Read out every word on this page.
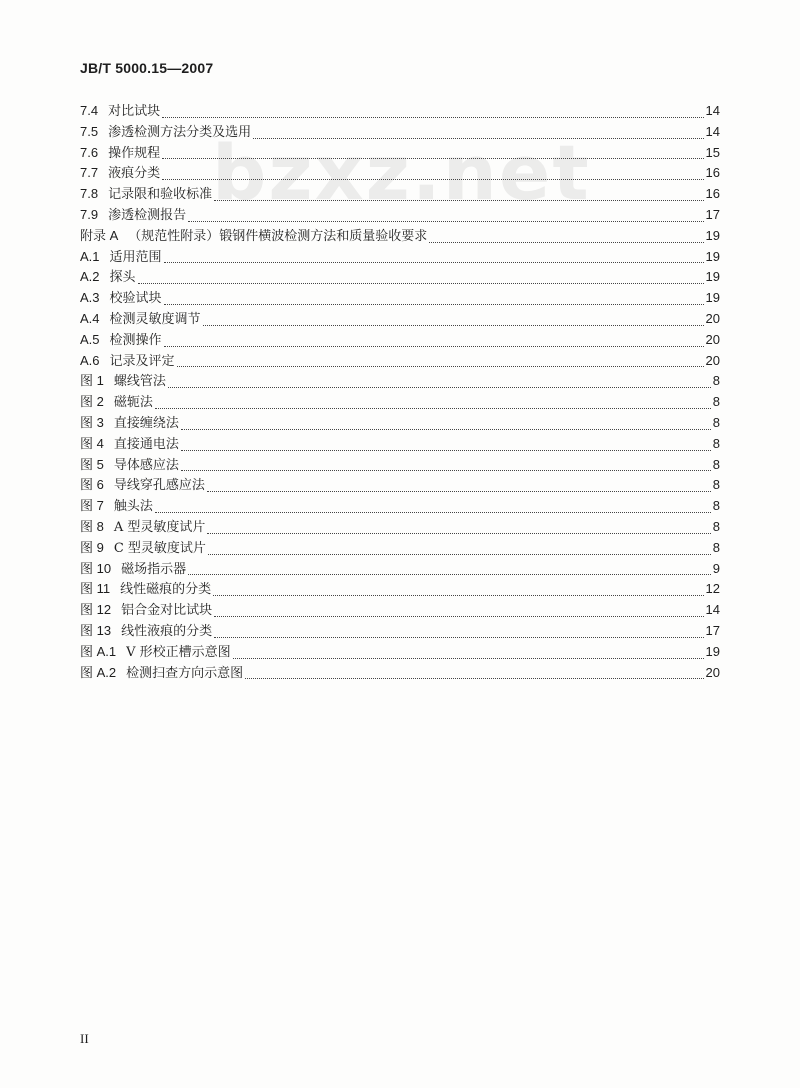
JB/T 5000.15—2007
bzxz.net
7.4 对比试块	14
7.5 渗透检测方法分类及选用	14
7.6 操作规程	15
7.7 液痕分类	16
7.8 记录限和验收标准	16
7.9 渗透检测报告	17
附录 A （规范性附录）锻钢件横波检测方法和质量验收要求	19
A.1 适用范围	19
A.2 探头	19
A.3 校验试块	19
A.4 检测灵敏度调节	20
A.5 检测操作	20
A.6 记录及评定	20
图 1 螺线管法	8
图 2 磁轭法	8
图 3 直接缠绕法	8
图 4 直接通电法	8
图 5 导体感应法	8
图 6 导线穿孔感应法	8
图 7 触头法	8
图 8 A 型灵敏度试片	8
图 9 C 型灵敏度试片	8
图 10 磁场指示器	9
图 11 线性磁痕的分类	12
图 12 铝合金对比试块	14
图 13 线性液痕的分类	17
图 A.1 V 形校正槽示意图	19
图 A.2 检测扫查方向示意图	20
II
